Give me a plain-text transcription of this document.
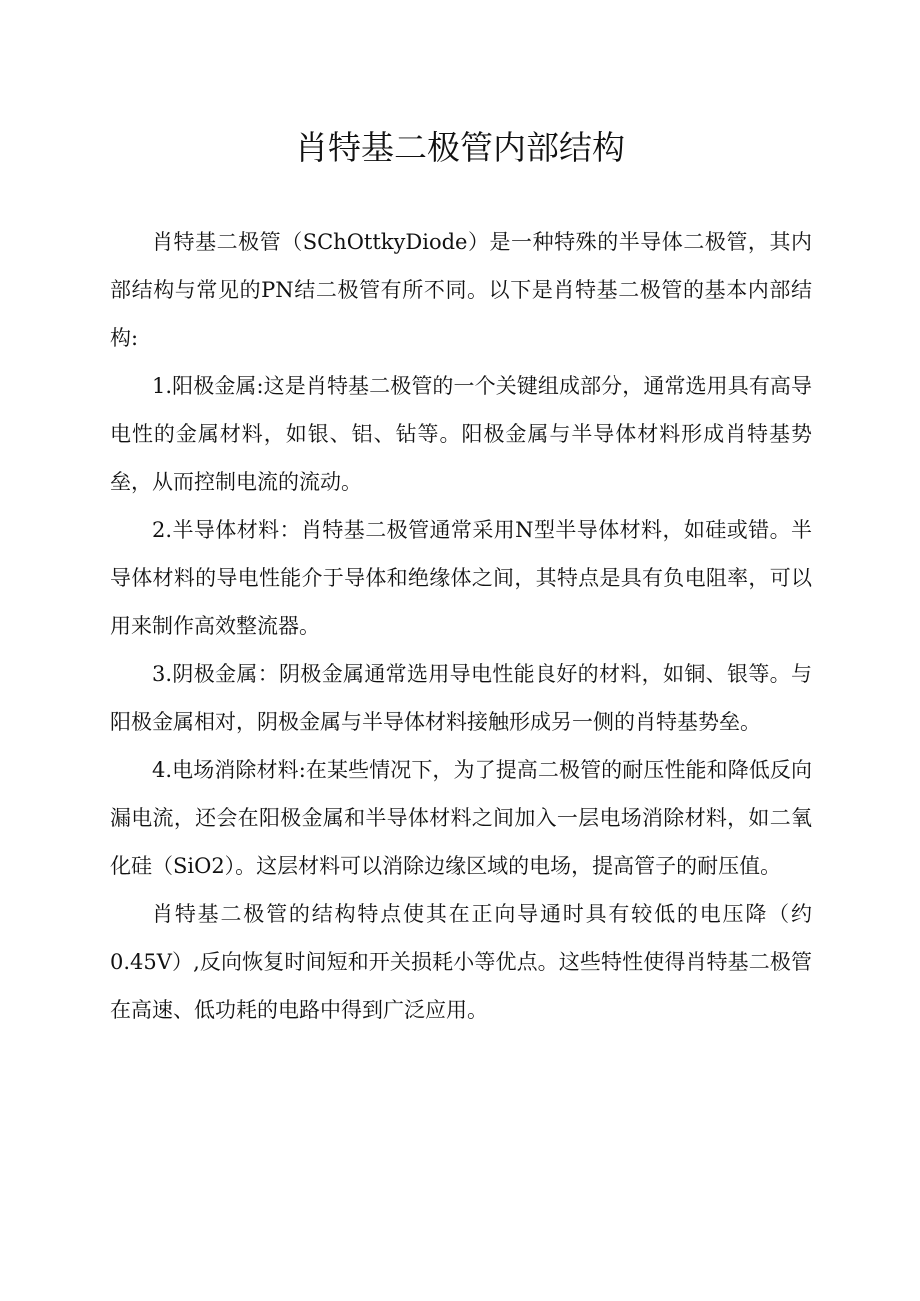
肖特基二极管内部结构

肖特基二极管（SChOttkyDiode）是一种特殊的半导体二极管，其内部结构与常见的PN结二极管有所不同。以下是肖特基二极管的基本内部结构:

1.阳极金属:这是肖特基二极管的一个关键组成部分，通常选用具有高导电性的金属材料，如银、铝、钻等。阳极金属与半导体材料形成肖特基势垒，从而控制电流的流动。

2.半导体材料：肖特基二极管通常采用N型半导体材料，如硅或错。半导体材料的导电性能介于导体和绝缘体之间，其特点是具有负电阻率，可以用来制作高效整流器。

3.阴极金属：阴极金属通常选用导电性能良好的材料，如铜、银等。与阳极金属相对，阴极金属与半导体材料接触形成另一侧的肖特基势垒。

4.电场消除材料:在某些情况下，为了提高二极管的耐压性能和降低反向漏电流，还会在阳极金属和半导体材料之间加入一层电场消除材料，如二氧化硅（SiO2）。这层材料可以消除边缘区域的电场，提高管子的耐压值。

肖特基二极管的结构特点使其在正向导通时具有较低的电压降（约0.45V）,反向恢复时间短和开关损耗小等优点。这些特性使得肖特基二极管在高速、低功耗的电路中得到广泛应用。
